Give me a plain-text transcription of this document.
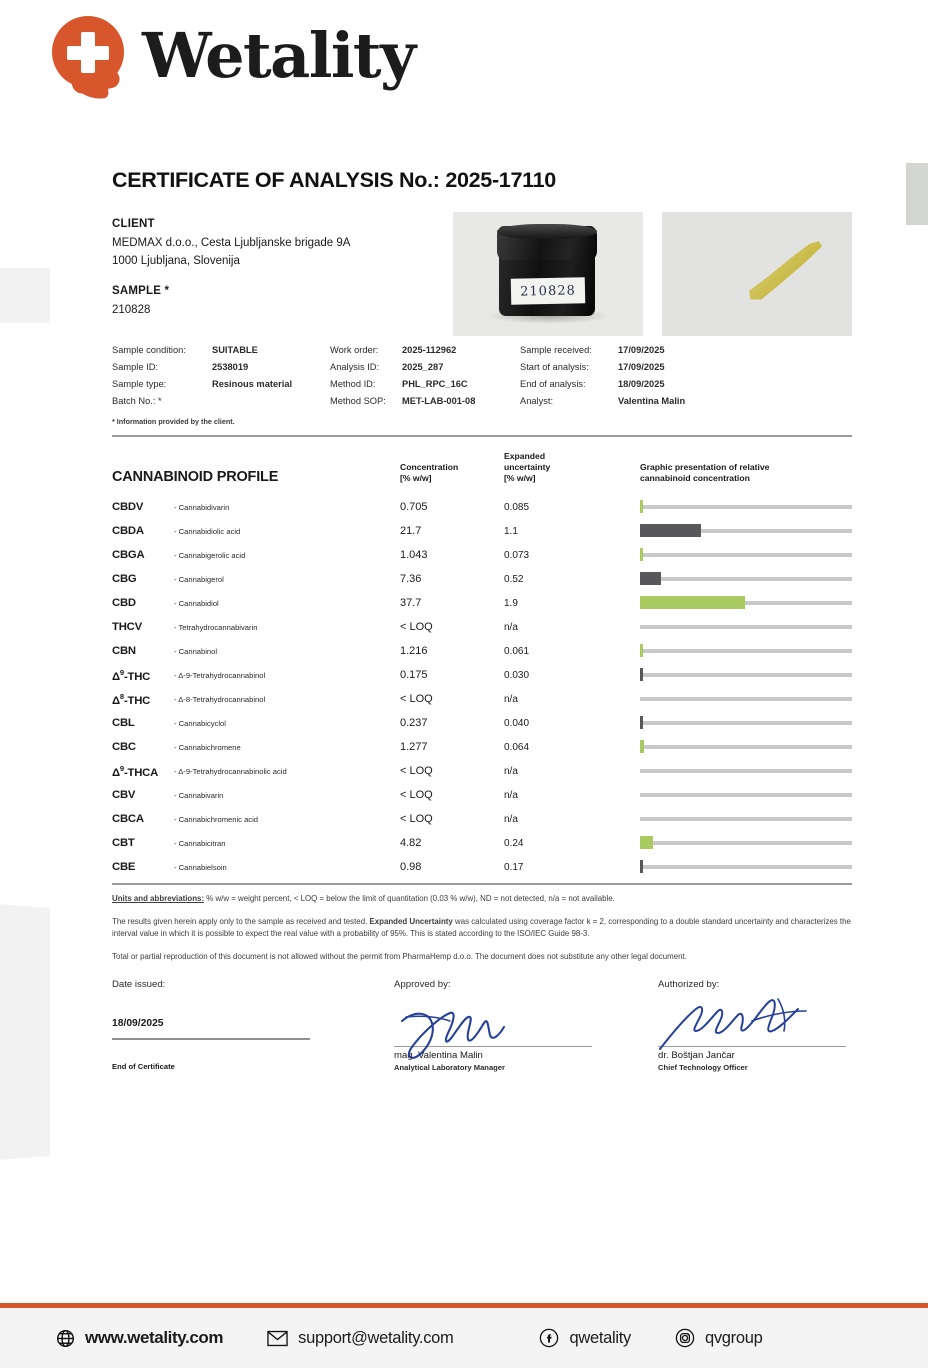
Wetality
CERTIFICATE OF ANALYSIS No.: 2025-17110
210828
CLIENT
MEDMAX d.o.o., Cesta Ljubljanske brigade 9A
1000 Ljubljana, Slovenija
SAMPLE *
210828
Sample condition:	SUITABLE	Work order:	2025-112962	Sample received:	17/09/2025
Sample ID:	2538019	Analysis ID:	2025_287	Start of analysis:	17/09/2025
Sample type:	Resinous material	Method ID:	PHL_RPC_16C	End of analysis:	18/09/2025
Batch No.: *	Method SOP:	MET-LAB-001-08	Analyst:	Valentina Malin
* Information provided by the client.
CANNABINOID PROFILE
Concentration
[% w/w]
Expanded
uncertainty
[% w/w]
Graphic presentation of relative
cannabinoid concentration
CBDV	- Cannabidivarin	0.705	0.085
CBDA	- Cannabidiolic acid	21.7	1.1
CBGA	- Cannabigerolic acid	1.043	0.073
CBG	- Cannabigerol	7.36	0.52
CBD	- Cannabidiol	37.7	1.9
THCV	- Tetrahydrocannabivarin	< LOQ	n/a
CBN	- Cannabinol	1.216	0.061
$\Delta^9$-THC	- Δ-9-Tetrahydrocannabinol	0.175	0.030
$\Delta^8$-THC	- Δ-8-Tetrahydrocannabinol	< LOQ	n/a
CBL	- Cannabicyclol	0.237	0.040
CBC	- Cannabichromene	1.277	0.064
$\Delta^9$-THCA	- Δ-9-Tetrahydrocannabinolic acid	< LOQ	n/a
CBV	- Cannabivarin	< LOQ	n/a
CBCA	- Cannabichromenic acid	< LOQ	n/a
CBT	- Cannabicitran	4.82	0.24
CBE	- Cannabielsoin	0.98	0.17

Units and abbreviations: % w/w = weight percent, < LOQ = below the limit of quantitation (0.03 % w/w), ND = not detected, n/a = not available.

The results given herein apply only to the sample as received and tested. Expanded Uncertainty was calculated using coverage factor k = 2, corresponding to a double standard uncertainty and characterizes the interval value in which it is possible to expect the real value with a probability of 95%. This is stated according to the ISO/IEC Guide 98-3.

Total or partial reproduction of this document is not allowed without the permit from PharmaHemp d.o.o. The document does not substitute any other legal document.

Date issued:
18/09/2025
End of Certificate
Approved by:
mag. Valentina Malin
Analytical Laboratory Manager
Authorized by:
dr. Boštjan Jančar
Chief Technology Officer
www.wetality.com	support@wetality.com	qwetality	qvgroup
